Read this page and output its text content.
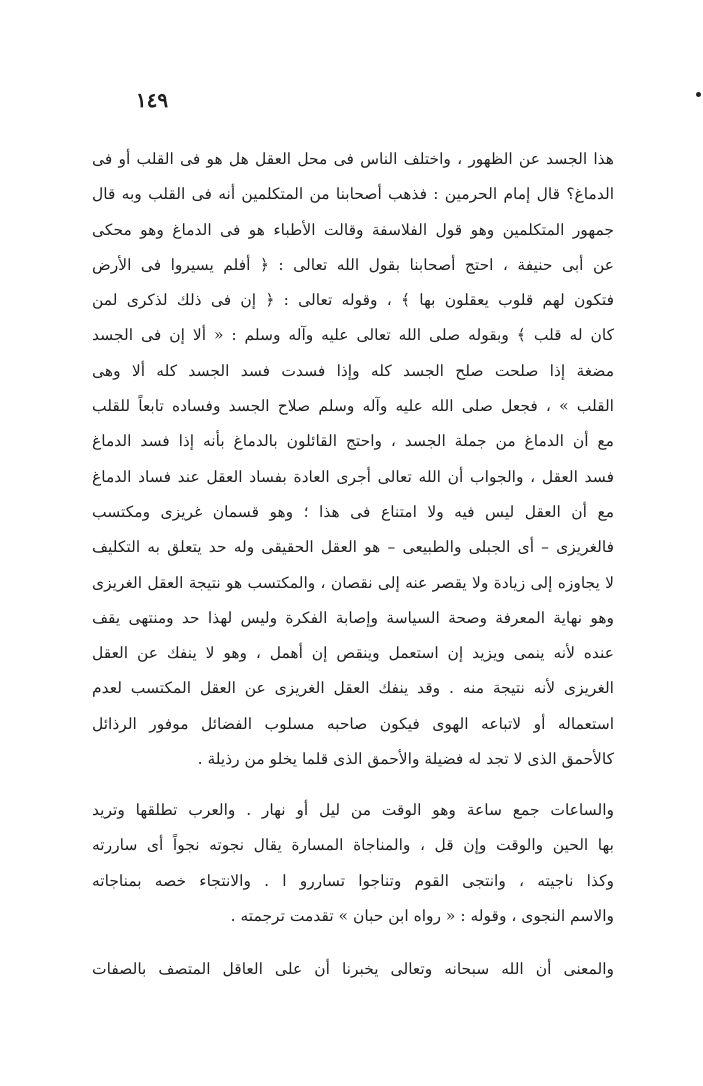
١٤٩
هذا الجسد عن الظهور ، واختلف الناس فى محل العقل هل هو فى القلب أو فى
الدماغ؟ قال إمام الحرمين : فذهب أصحابنا من المتكلمين أنه فى القلب وبه قال
جمهور المتكلمين وهو قول الفلاسفة وقالت الأطباء هو فى الدماغ وهو محكى
عن أبى حنيفة ، احتج أصحابنا بقول الله تعالى : ﴿ أفلم يسيروا فى الأرض
فتكون لهم قلوب يعقلون بها ﴾ ، وقوله تعالى : ﴿ إن فى ذلك لذكرى لمن
كان له قلب ﴾ وبقوله صلى الله تعالى عليه وآله وسلم : « ألا إن فى الجسد
مضغة إذا صلحت صلح الجسد كله وإذا فسدت فسد الجسد كله ألا وهى
القلب » ، فجعل صلى الله عليه وآله وسلم صلاح الجسد وفساده تابعاً للقلب
مع أن الدماغ من جملة الجسد ، واحتج القائلون بالدماغ بأنه إذا فسد الدماغ
فسد العقل ، والجواب أن الله تعالى أجرى العادة بفساد العقل عند فساد الدماغ
مع أن العقل ليس فيه ولا امتناع فى هذا ؛ وهو قسمان غريزى ومكتسب
فالغريزى – أى الجبلى والطبيعى – هو العقل الحقيقى وله حد يتعلق به التكليف
لا يجاوزه إلى زيادة ولا يقصر عنه إلى نقصان ، والمكتسب هو نتيجة العقل الغريزى
وهو نهاية المعرفة وصحة السياسة وإصابة الفكرة وليس لهذا حد ومنتهى يقف
عنده لأنه ينمى ويزيد إن استعمل وينقص إن أهمل ، وهو لا ينفك عن العقل
الغريزى لأنه نتيجة منه . وقد ينفك العقل الغريزى عن العقل المكتسب لعدم
استعماله أو لاتباعه الهوى فيكون صاحبه مسلوب الفضائل موفور الرذائل
كالأحمق الذى لا تجد له فضيلة والأحمق الذى قلما يخلو من رذيلة .
والساعات جمع ساعة وهو الوقت من ليل أو نهار . والعرب تطلقها وتريد
بها الحين والوقت وإن قل ، والمناجاة المسارة يقال نجوته نجواً أى ساررته
وكذا ناجيته ، وانتجى القوم وتناجوا تساررو ا . والانتجاء خصه بمناجاته
والاسم النجوى ، وقوله : « رواه ابن حبان » تقدمت ترجمته .
والمعنى أن الله سبحانه وتعالى يخبرنا أن على العاقل المتصف بالصفات
